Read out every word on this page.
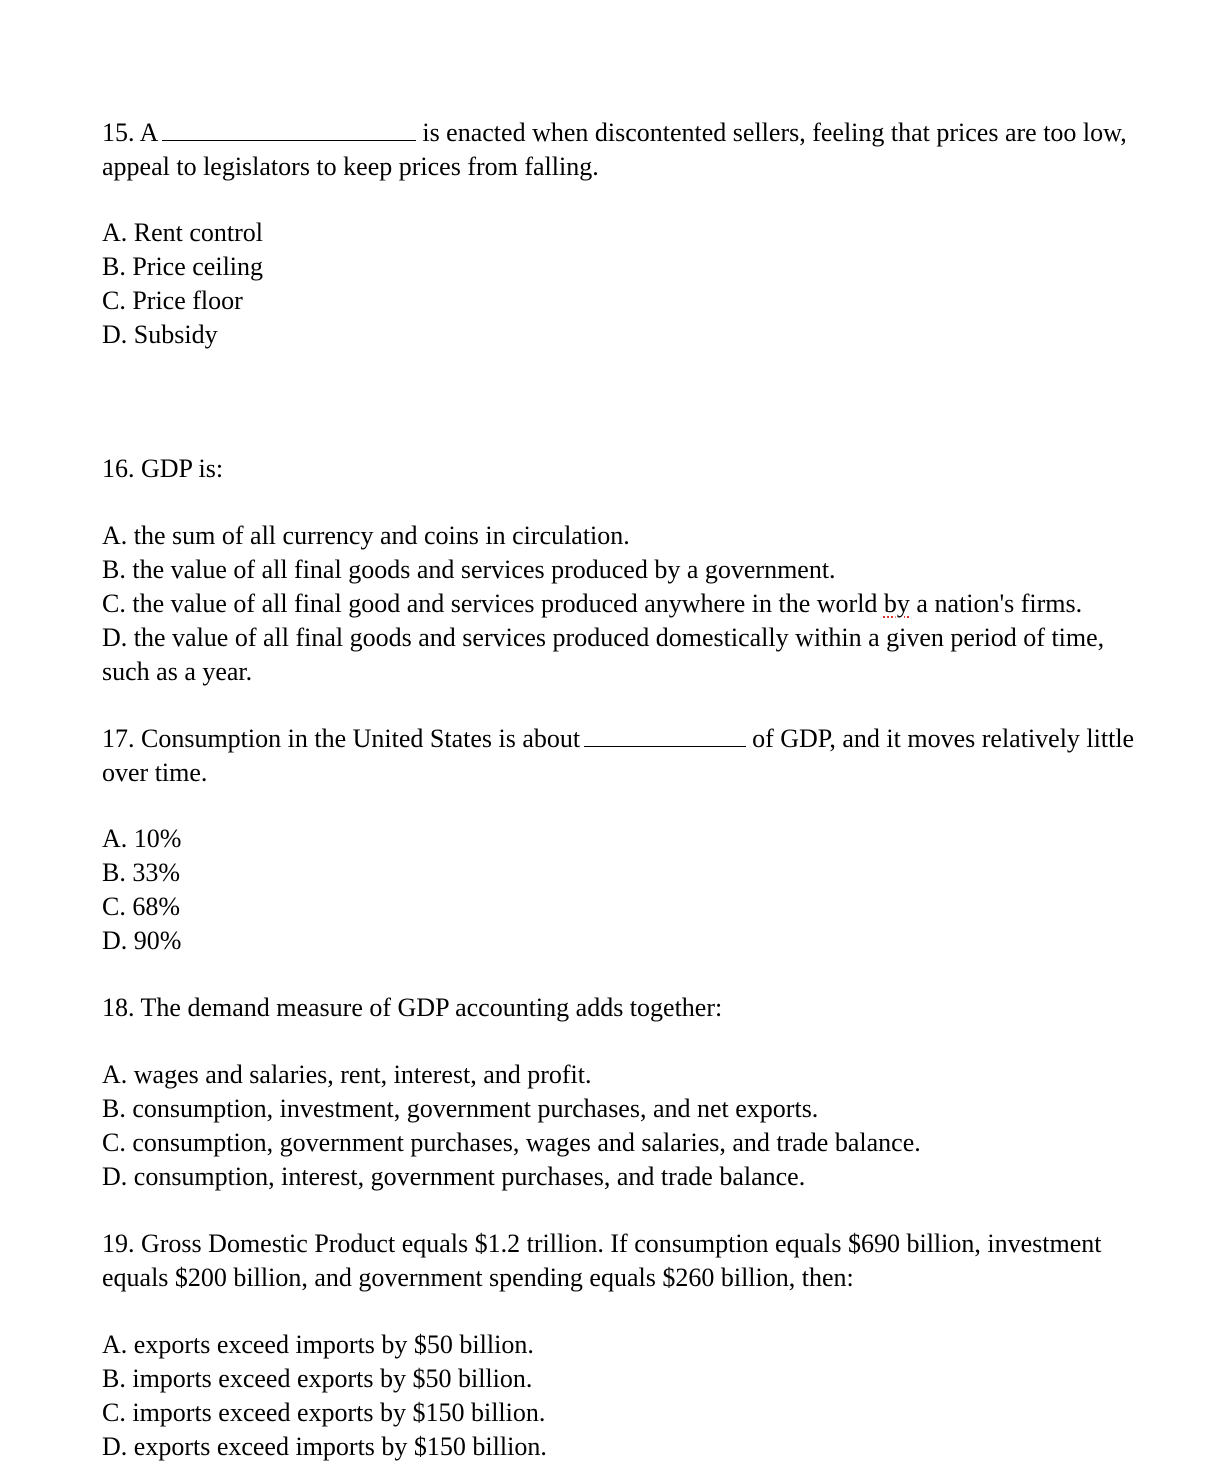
15. A	is enacted when discontented sellers, feeling that prices are too low, appeal to legislators to keep prices from falling.
A. Rent control
B. Price ceiling
C. Price floor
D. Subsidy
16. GDP is:
A. the sum of all currency and coins in circulation.
B. the value of all final goods and services produced by a government.
C. the value of all final good and services produced anywhere in the world by a nation's firms.
D. the value of all final goods and services produced domestically within a given period of time, such as a year.
17. Consumption in the United States is about	of GDP, and it moves relatively little over time.
A. 10%
B. 33%
C. 68%
D. 90%
18. The demand measure of GDP accounting adds together:
A. wages and salaries, rent, interest, and profit.
B. consumption, investment, government purchases, and net exports.
C. consumption, government purchases, wages and salaries, and trade balance.
D. consumption, interest, government purchases, and trade balance.
19. Gross Domestic Product equals $1.2 trillion. If consumption equals $690 billion, investment equals $200 billion, and government spending equals $260 billion, then:
A. exports exceed imports by $50 billion.
B. imports exceed exports by $50 billion.
C. imports exceed exports by $150 billion.
D. exports exceed imports by $150 billion.
